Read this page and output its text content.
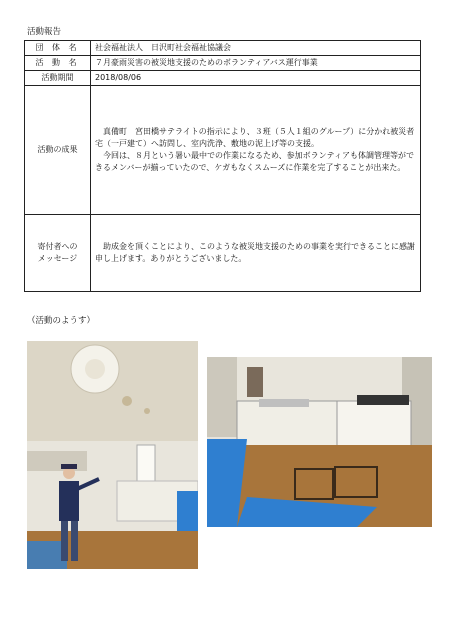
活動報告
団 体 名	社会福祉法人　日沢町社会福祉協議会
活 動 名	７月豪雨災害の被災地支援のためのボランティアバス運行事業
活動期間	2018/08/06
活動の成果	真備町　宮田橋サテライトの指示により、３班（５人１組のグループ）に分かれ被災者宅（一戸建て）へ訪問し、室内洗浄、敷地の泥上げ等の支援。
今回は、８月という暑い最中での作業になるため、参加ボランティアも体調管理等ができるメンバーが揃っていたので、ケガもなくスムーズに作業を完了することが出来た。

寄付者への
メッセージ	助成金を頂くことにより、このような被災地支援のための事業を実行できることに感謝申し上げます。ありがとうございました。
（活動のようす）
